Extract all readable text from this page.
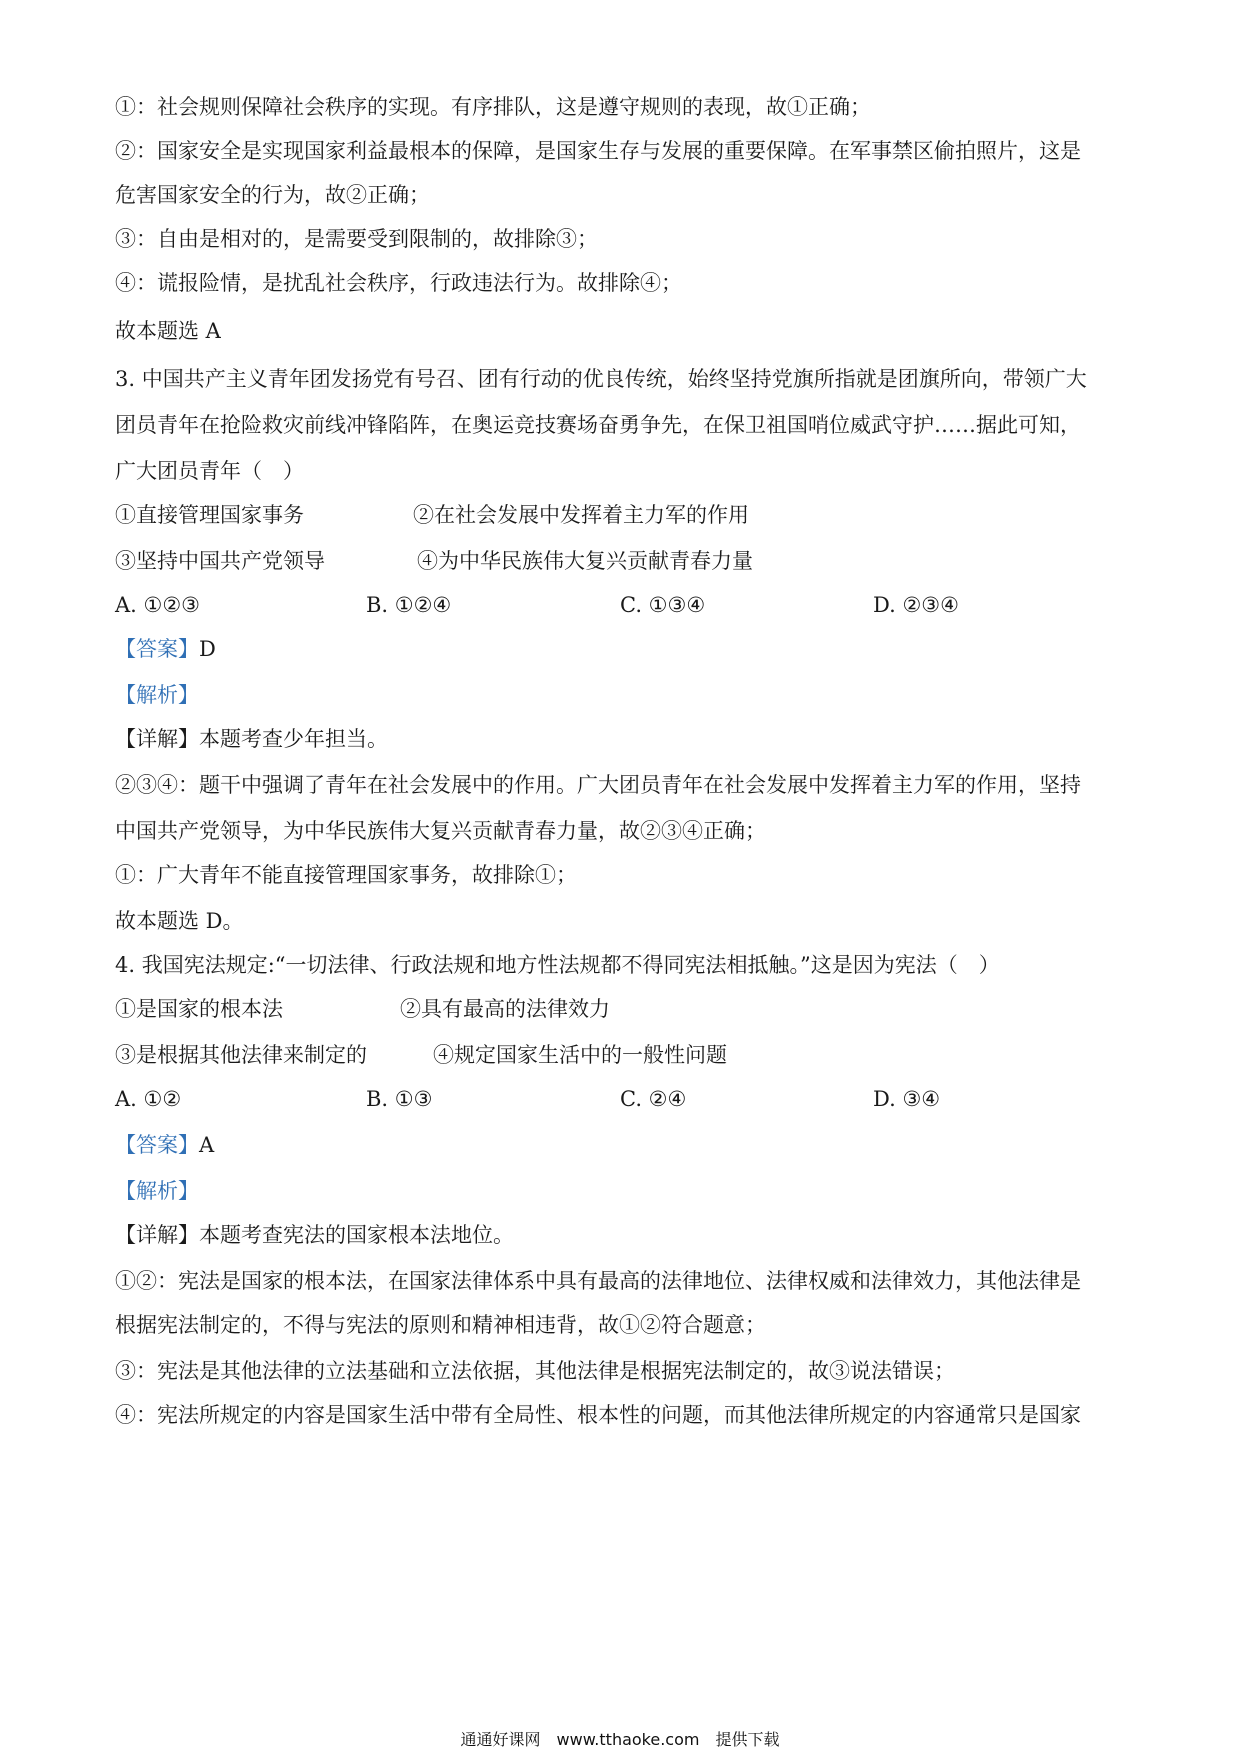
①：社会规则保障社会秩序的实现。有序排队，这是遵守规则的表现，故①正确；
②：国家安全是实现国家利益最根本的保障，是国家生存与发展的重要保障。在军事禁区偷拍照片，这是
危害国家安全的行为，故②正确；
③：自由是相对的，是需要受到限制的，故排除③；
④：谎报险情，是扰乱社会秩序，行政违法行为。故排除④；
故本题选 A
3. 中国共产主义青年团发扬党有号召、团有行动的优良传统，始终坚持党旗所指就是团旗所向，带领广大
团员青年在抢险救灾前线冲锋陷阵，在奥运竞技赛场奋勇争先，在保卫祖国哨位威武守护……据此可知，
广大团员青年（　）
①直接管理国家事务	②在社会发展中发挥着主力军的作用
③坚持中国共产党领导	④为中华民族伟大复兴贡献青春力量
A. ①②③	B. ①②④	C. ①③④	D. ②③④
【答案】D
【解析】
【详解】本题考查少年担当。
②③④：题干中强调了青年在社会发展中的作用。广大团员青年在社会发展中发挥着主力军的作用，坚持
中国共产党领导，为中华民族伟大复兴贡献青春力量，故②③④正确；
①：广大青年不能直接管理国家事务，故排除①；
故本题选 D。
4. 我国宪法规定:“一切法律、行政法规和地方性法规都不得同宪法相抵触。”这是因为宪法（　）
①是国家的根本法	②具有最高的法律效力
③是根据其他法律来制定的	④规定国家生活中的一般性问题
A. ①②	B. ①③	C. ②④	D. ③④
【答案】A
【解析】
【详解】本题考查宪法的国家根本法地位。
①②：宪法是国家的根本法，在国家法律体系中具有最高的法律地位、法律权威和法律效力，其他法律是
根据宪法制定的，不得与宪法的原则和精神相违背，故①②符合题意；
③：宪法是其他法律的立法基础和立法依据，其他法律是根据宪法制定的，故③说法错误；
④：宪法所规定的内容是国家生活中带有全局性、根本性的问题，而其他法律所规定的内容通常只是国家
通通好课网　www.tthaoke.com　提供下载
